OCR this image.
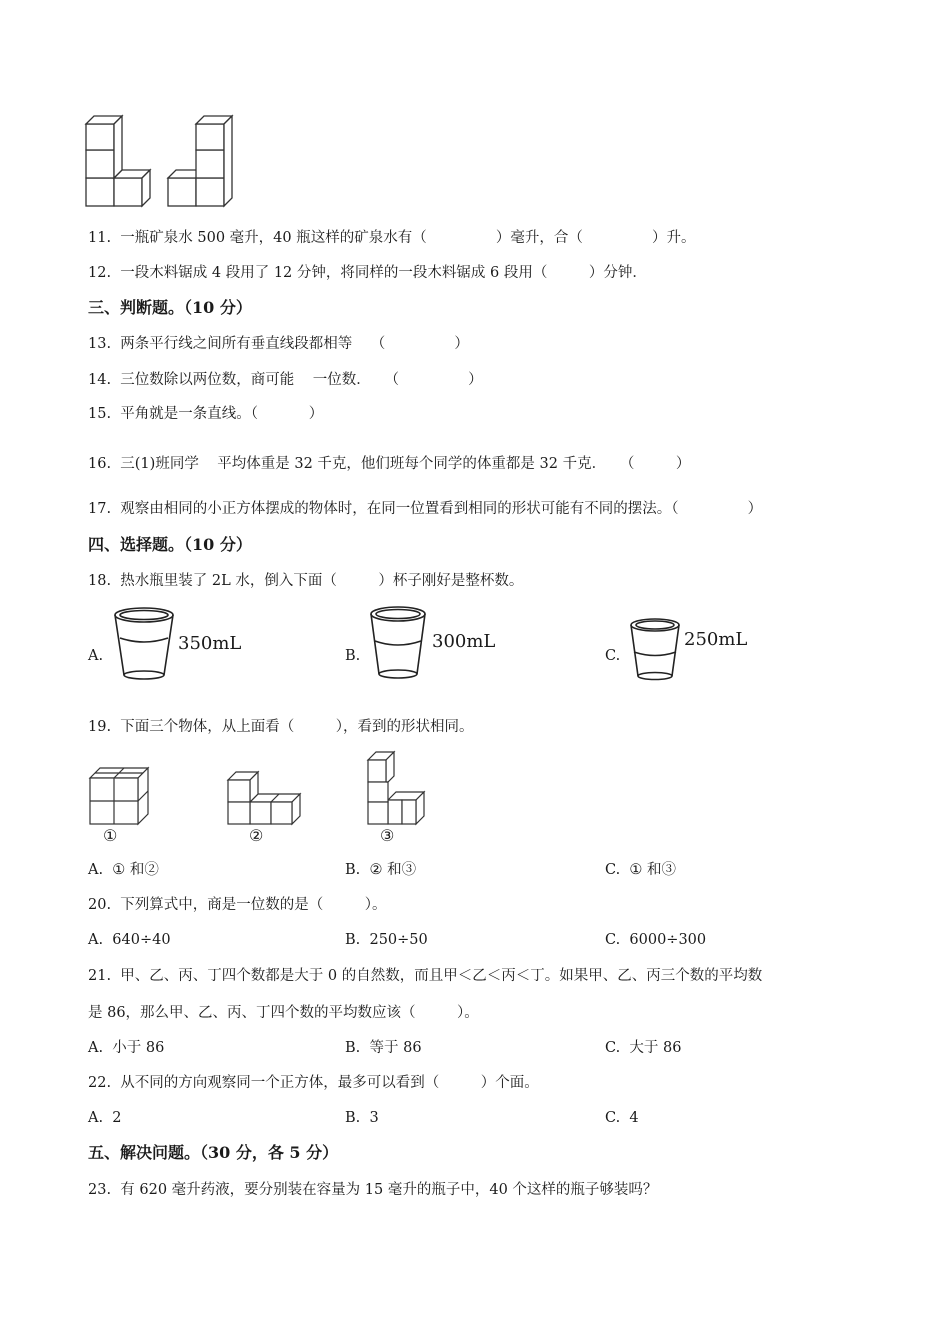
11.  一瓶矿泉水 500 毫升，40 瓶这样的矿泉水有（               ）毫升，合（               ）升。
12.  一段木料锯成 4 段用了 12 分钟，将同样的一段木料锯成 6 段用（         ）分钟．
三、判断题。（10 分）
13.  两条平行线之间所有垂直线段都相等    （               ）
14.  三位数除以两位数，商可能    一位数．   （               ）
15.  平角就是一条直线。（           ）
16.  三(1)班同学    平均体重是 32 千克，他们班每个同学的体重都是 32 千克．   （         ）
17.  观察由相同的小正方体摆成的物体时，在同一位置看到相同的形状可能有不同的摆法。（               ）
四、选择题。（10 分）
18.  热水瓶里装了 2L 水，倒入下面（         ）杯子刚好是整杯数。
A.
350mL
B.
300mL
C.
250mL
19.  下面三个物体，从上面看（         ），看到的形状相同。
①	②	③
A.  ① 和②	B.  ② 和③	C.  ① 和③
20.  下列算式中，商是一位数的是（         ）。
A.  640÷40	B.  250÷50	C.  6000÷300
21.  甲、乙、丙、丁四个数都是大于 0 的自然数，而且甲＜乙＜丙＜丁。如果甲、乙、丙三个数的平均数
是 86，那么甲、乙、丙、丁四个数的平均数应该（         ）。
A.  小于 86	B.  等于 86	C.  大于 86
22.  从不同的方向观察同一个正方体，最多可以看到（         ）个面。
A.  2	B.  3	C.  4
五、解决问题。（30 分，各 5 分）
23.  有 620 毫升药液，要分别装在容量为 15 毫升的瓶子中，40 个这样的瓶子够装吗？
